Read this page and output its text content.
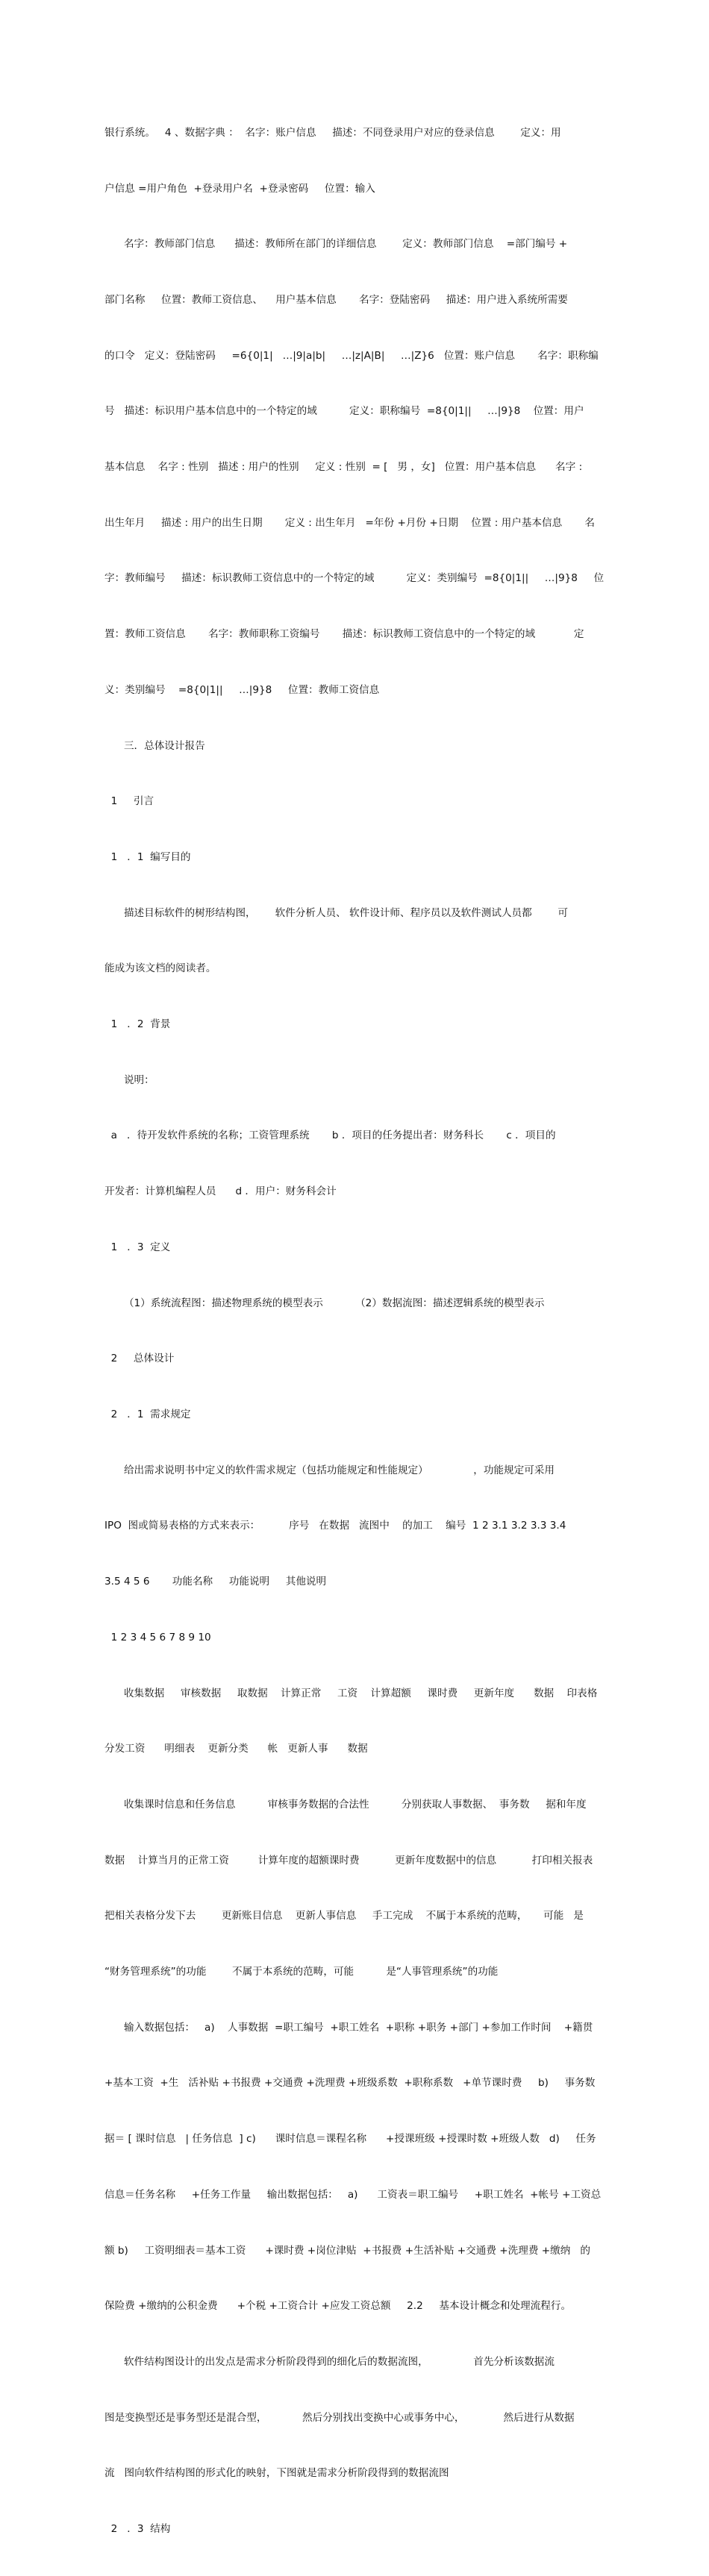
银行系统。   4 、数据字典 ：  名字：账户信息     描述：不同登录用户对应的登录信息        定义：用

户信息 =用户角色  +登录用户名  +登录密码     位置：输入

名字：教师部门信息      描述：教师所在部门的详细信息        定义：教师部门信息    =部门编号 +

部门名称     位置：教师工资信息、    用户基本信息       名字：登陆密码     描述：用户进入系统所需要

的口令   定义：登陆密码     =6{0|1|   …|9|a|b|     …|z|A|B|     …|Z}6   位置：账户信息       名字：职称编

号   描述：标识用户基本信息中的一个特定的域          定义：职称编号  =8{0|1||     …|9}8    位置：用户

基本信息    名字 : 性别   描述 : 用户的性别     定义 : 性别  = [   男 ，女]   位置：用户基本信息      名字 :

出生年月     描述 : 用户的出生日期       定义 : 出生年月   =年份 +月份 +日期    位置 : 用户基本信息       名

字：教师编号     描述：标识教师工资信息中的一个特定的域          定义：类别编号  =8{0|1||     …|9}8     位

置：教师工资信息       名字：教师职称工资编号       描述：标识教师工资信息中的一个特定的域            定

义：类别编号    =8{0|1||     …|9}8     位置：教师工资信息

三．总体设计报告

1     引言

1   ．1  编写目的

描述目标软件的树形结构图，      软件分析人员、 软件设计师、程序员以及软件测试人员都        可

能成为该文档的阅读者。

1   ．2  背景

说明：

a   ．待开发软件系统的名称；工资管理系统       b ．项目的任务提出者：财务科长       c ．项目的

开发者：计算机编程人员      d ．用户：财务科会计

1   ．3  定义

（1）系统流程图：描述物理系统的模型表示          （2）数据流图：描述逻辑系统的模型表示

2     总体设计

2   ．1  需求规定

给出需求说明书中定义的软件需求规定（包括功能规定和性能规定）              ，功能规定可采用

IPO  图或简易表格的方式来表示：         序号   在数据   流图中    的加工    编号  1 2 3.1 3.2 3.3 3.4

3.5 4 5 6       功能名称     功能说明     其他说明

1 2 3 4 5 6 7 8 9 10

收集数据     审核数据     取数据    计算正常     工资    计算超额     课时费     更新年度      数据    印表格

分发工资      明细表    更新分类      帐   更新人事      数据

收集课时信息和任务信息          审核事务数据的合法性          分别获取人事数据、  事务数     据和年度

数据    计算当月的正常工资         计算年度的超额课时费           更新年度数据中的信息           打印相关报表

把相关表格分发下去        更新账目信息    更新人事信息     手工完成    不属于本系统的范畴，     可能   是

“财务管理系统”的功能        不属于本系统的范畴，可能          是“人事管理系统”的功能

输入数据包括：   a)    人事数据  =职工编号  +职工姓名  +职称 +职务 +部门 +参加工作时间    +籍贯

+基本工资  +生   活补贴 +书报费 +交通费 +洗理费 +班级系数  +职称系数   +单节课时费     b)     事务数

据＝ [ 课时信息   | 任务信息  ] c)      课时信息＝课程名称      +授课班级 +授课时数 +班级人数   d)     任务

信息＝任务名称     +任务工作量     输出数据包括：   a)      工资表＝职工编号     +职工姓名  +帐号 +工资总

额 b)     工资明细表＝基本工资      +课时费 +岗位津贴  +书报费 +生活补贴 +交通费 +洗理费 +缴纳   的

保险费 +缴纳的公积金费      +个税 +工资合计 +应发工资总额     2.2     基本设计概念和处理流程行。

软件结构图设计的出发点是需求分析阶段得到的细化后的数据流图，              首先分析该数据流

图是变换型还是事务型还是混合型，           然后分别找出变换中心或事务中心，            然后进行从数据

流   图向软件结构图的形式化的映射，下图就是需求分析阶段得到的数据流图

2   ．3  结构
